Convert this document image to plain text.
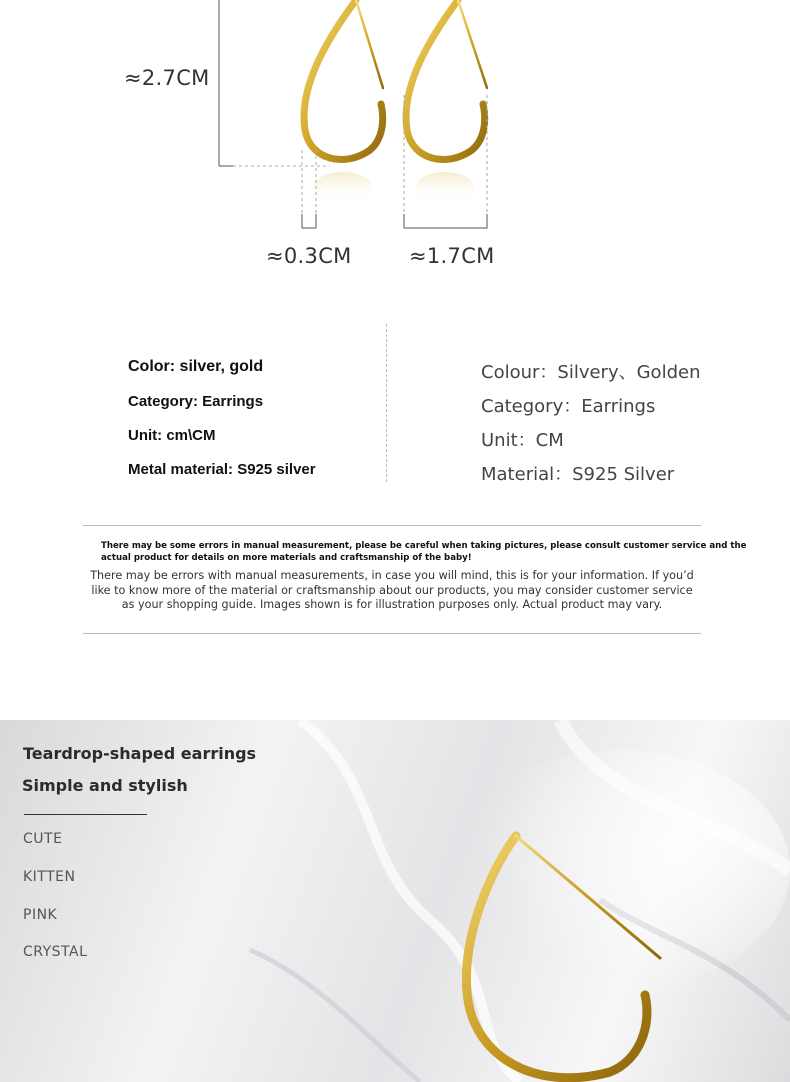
≈2.7CM
≈0.3CM	≈1.7CM
Color: silver, gold
Category: Earrings
Unit: cm\CM
Metal material: S925 silver
Colour：Silvery、Golden
Category：Earrings
Unit：CM
Material：S925 Silver
There may be some errors in manual measurement, please be careful when taking pictures, please consult customer service and the
actual product for details on more materials and craftsmanship of the baby!
There may be errors with manual measurements, in case you will mind, this is for your information. If you’d
like to know more of the material or craftsmanship about our products, you may consider customer service
as your shopping guide. Images shown is for illustration purposes only. Actual product may vary.
Teardrop-shaped earrings
Simple and stylish
CUTE
KITTEN
PINK
CRYSTAL
